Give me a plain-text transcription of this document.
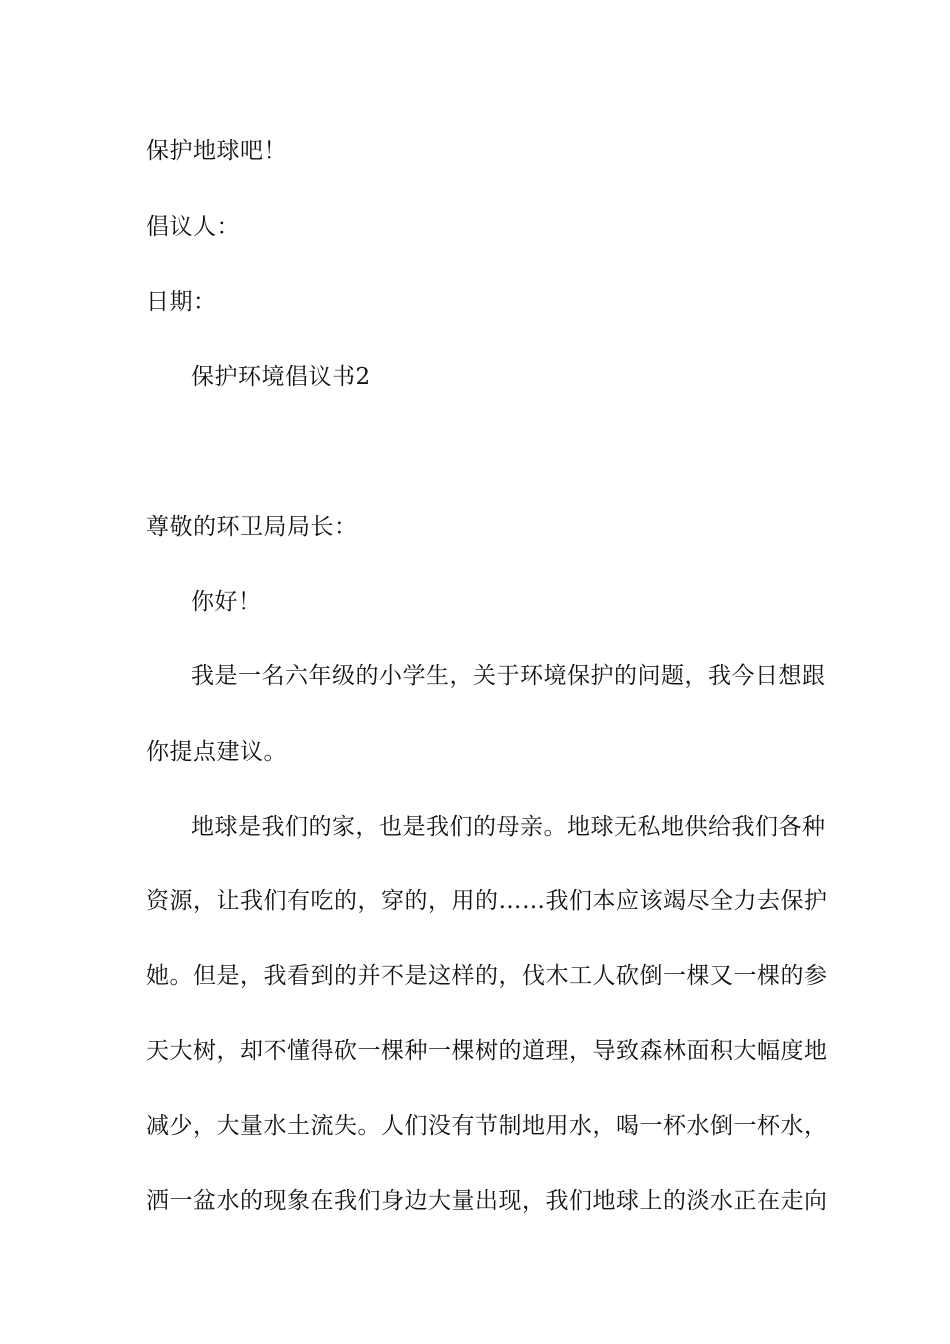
保护地球吧！
倡议人：
日期：
保护环境倡议书2
尊敬的环卫局局长：
你好！
我是一名六年级的小学生，关于环境保护的问题，我今日想跟
你提点建议。
地球是我们的家，也是我们的母亲。地球无私地供给我们各种
资源，让我们有吃的，穿的，用的……我们本应该竭尽全力去保护
她。但是，我看到的并不是这样的，伐木工人砍倒一棵又一棵的参
天大树，却不懂得砍一棵种一棵树的道理，导致森林面积大幅度地
减少，大量水土流失。人们没有节制地用水，喝一杯水倒一杯水，
洒一盆水的现象在我们身边大量出现，我们地球上的淡水正在走向
